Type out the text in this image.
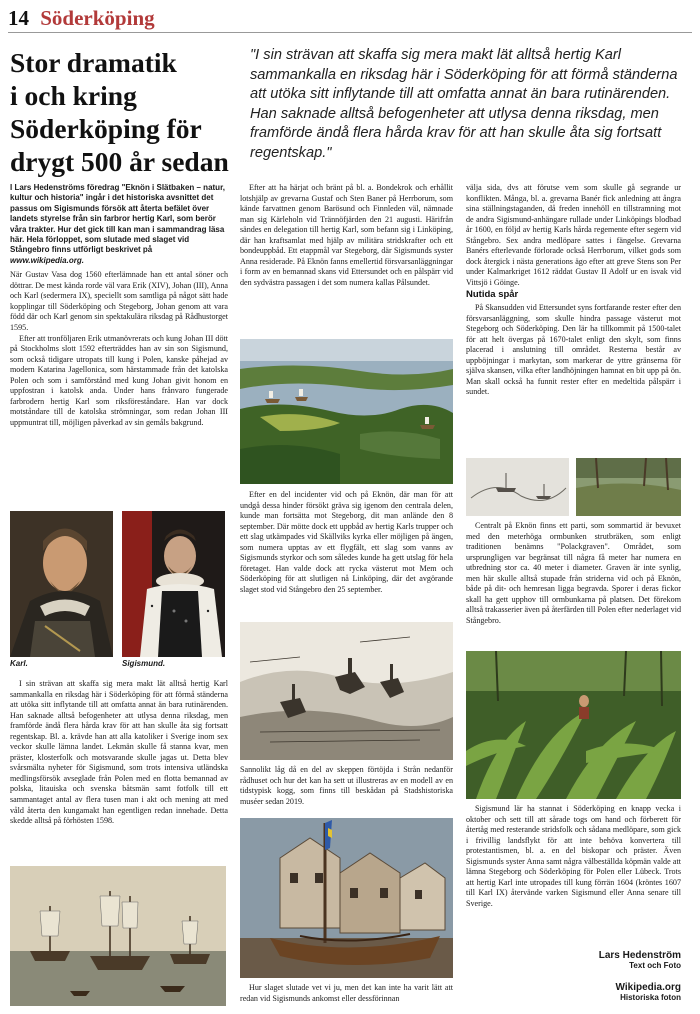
14 Söderköping
Stor dramatik
i och kring
Söderköping för
drygt 500 år sedan
"I sin strävan att skaffa sig mera makt lät alltså hertig Karl sammankalla en riksdag här i Söderköping för att förmå ständerna att utöka sitt inflytande till att omfatta annat än bara rutinärenden. Han saknade alltså befogenheter att utlysa denna riksdag, men framförde ändå flera hårda krav för att han skulle åta sig fortsatt regentskap."

I Lars Hedenströms föredrag "Eknön i Slätbaken – natur, kultur och historia" ingår i det historiska avsnittet det passus om Sigismunds försök att återta befälet över landets styrelse från sin farbror hertig Karl, som berör våra trakter. Hur det gick till kan man i sammandrag läsa här. Hela förloppet, som slutade med slaget vid Stångebro finns utförligt beskrivet på www.wikipedia.org.

När Gustav Vasa dog 1560 efterlämnade han ett antal söner och döttrar. De mest kända rorde väl vara Erik (XIV), Johan (III), Anna och Karl (sedermera IX), speciellt som samtliga på något sätt hade kopplingar till Söderköping och Stegeborg, Johan genom att vara född där och Karl genom sin spektakulära riksdag på Rådhustorget 1595.

Efter att tronföljaren Erik utmanövrerats och kung Johan III dött på Stockholms slott 1592 efterträddes han av sin son Sigismund, som också tidigare utropats till kung i Polen, kanske påhejad av modern Katarina Jagellonica, som härstammade från det katolska Polen och som i samförstånd med kung Johan givit honom en uppfostran i katolsk anda. Under hans frånvaro fungerade farbrodern hertig Karl som riksföreståndare. Han var dock motståndare till de katolska strömningar, som redan Johan III uppmuntrat till, möjligen påverkad av sin gemåls bakgrund.

Karl.	Sigismund.

I sin strävan att skaffa sig mera makt lät alltså hertig Karl sammankalla en riksdag här i Söderköping för att förmå ständerna att utöka sitt inflytande till att omfatta annat än bara rutinärenden. Han saknade alltså befogenheter att utlysa denna riksdag, men framförde ändå flera hårda krav för att han skulle åta sig fortsatt regentskap. Bl. a. krävde han att alla katoliker i Sverige inom sex veckor skulle lämna landet. Lekmän skulle få stanna kvar, men präster, klosterfolk och motsvarande skulle jagas ut. Detta blev svårsmälta nyheter för Sigismund, som trots intensiva utländska medlingsförsök avseglade från Polen med en flotta bemannad av polska, litauiska och svenska båtsmän samt fotfolk till ett sammantaget antal av flera tusen man i akt och mening att med våld återta den kungamakt han egentligen redan innehade. Detta skedde alltså på förhösten 1598.

Efter att ha härjat och bränt på bl. a. Bondekrok och erhållit lotshjälp av grevarna Gustaf och Sten Baner på Herrborum, som kände farvattnen genom Barösund och Finnleden väl, nämnade man sig Kärleholn vid Trännöfjärden den 21 augusti. Härifrån sändes en delegation till hertig Karl, som befann sig i Linköping, där han kraftsamlat med hjälp av militära stridskrafter och ett bondeuppbåd. Ett etappmål var Stegeborg, där Sigismunds syster Anna residerade. På Eknön fanns emellertid försvarsanläggningar i form av en bemannad skans vid Ettersundet och en pålspärr vid den sydvästra passagen i det som numera kallas Pålsundet.

Efter en del incidenter vid och på Eknön, där man för att undgå dessa hinder försökt gräva sig igenom den centrala delen, kunde man fortsätta mot Stegeborg, dit man anlände den 8 september. Där mötte dock ett uppbåd av hertig Karls trupper och ett slag utkämpades vid Skällviks kyrka eller möjligen på ängen, som numera upptas av ett flygfält, ett slag som vanns av Sigismunds styrkor och som således kunde ha gett utslag för hela företaget. Han valde dock att rycka västerut mot Mem och Söderköping för att slutligen nå Linköping, där det avgörande slaget stod vid Stångebro den 25 september.

Sannolikt låg då en del av skeppen förtöjda i Strån nedanför rådhuset och hur det kan ha sett ut illustreras av en modell av en tidstypisk kogg, som finns till beskådan på Stadshistoriska muséer sedan 2019.

Hur slaget slutade vet vi ju, men det kan inte ha varit lätt att redan vid Sigismunds ankomst eller dessförinnan

välja sida, dvs att förutse vem som skulle gå segrande ur konflikten. Många, bl. a. grevarna Banér fick anledning att ångra sina ställningstaganden, då freden innehöll en tillstramning mot de andra Sigismund-anhängare rullade under Linköpings blodbad år 1600, en följd av hertig Karls hårda regemente efter segern vid Stångebro. Sex andra medlöpare sattes i fängelse. Grevarna Banérs efterlevande förlorade också Herrborum, vilket gods som dock återgick i nästa generations ägo efter att greve Stens son Per under Kalmarkriget 1612 räddat Gustav II Adolf ur en isvak vid Vittsjö i Göinge.

Nutida spår

På Skansudden vid Ettersundet syns fortfarande rester efter den försvarsanläggning, som skulle hindra passage västerut mot Stegeborg och Söderköping. Den lär ha tillkommit på 1500-talet för att helt övergas på 1670-talet enligt den skylt, som finns placerad i anslutning till området. Resterna består av uppböjningar i markytan, som markerar de yttre gränserna för själva skansen, vilka efter landhöjningen hamnat en bit upp på ön. Man skall också ha funnit rester efter en medeltida pålspärr i sundet.

Centralt på Eknön finns ett parti, som sommartid är bevuxet med den meterhöga ormbunken strutbräken, som enligt traditionen benämns "Polackgraven". Området, som ursprungligen var begränsat till några få meter har numera en utbredning stor ca. 40 meter i diameter. Graven är inte synlig, men här skulle alltså stupade från striderna vid och på Eknön, både på dit- och hemresan ligga begravda. Sporer i deras fickor skall ha gett upphov till ormbunkarna på platsen. Det förekom alltså trakasserier även på återfärden till Polen efter nederlaget vid Stångebro.

Sigismund lär ha stannat i Söderköping en knapp vecka i oktober och sett till att sårade togs om hand och förberett för återtåg med resterande stridsfolk och sådana medlöpare, som gick i frivillig landsflykt för att inte behöva konvertera till protestantismen, bl. a. en del biskopar och präster. Även Sigismunds syster Anna samt några välbeställda köpmän valde att lämna Stegeborg och Söderköping för Polen eller Lübeck. Trots att hertig Karl inte utropades till kung förrän 1604 (kröntes 1607 till Karl IX) återvände varken Sigismund eller Anna senare till Sverige.

Lars Hedenström
Text och Foto
Wikipedia.org
Historiska foton
